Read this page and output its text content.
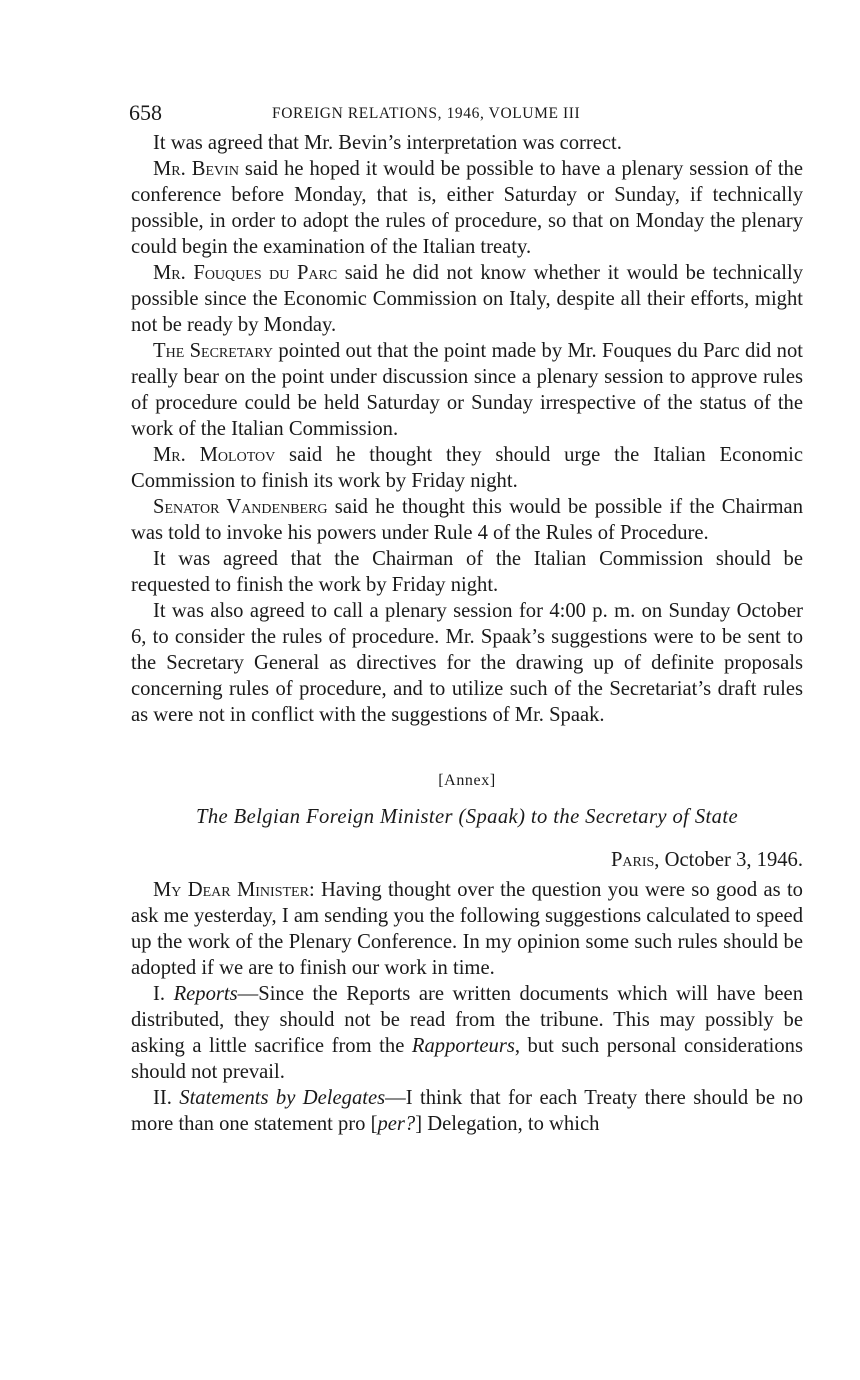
658	FOREIGN RELATIONS, 1946, VOLUME III

It was agreed that Mr. Bevin’s interpretation was correct.

Mr. Bevin said he hoped it would be possible to have a plenary session of the conference before Monday, that is, either Saturday or Sunday, if technically possible, in order to adopt the rules of procedure, so that on Monday the plenary could begin the examination of the Italian treaty.

Mr. Fouques du Parc said he did not know whether it would be technically possible since the Economic Commission on Italy, despite all their efforts, might not be ready by Monday.

The Secretary pointed out that the point made by Mr. Fouques du Parc did not really bear on the point under discussion since a plenary session to approve rules of procedure could be held Saturday or Sunday irrespective of the status of the work of the Italian Commission.

Mr. Molotov said he thought they should urge the Italian Economic Commission to finish its work by Friday night.

Senator Vandenberg said he thought this would be possible if the Chairman was told to invoke his powers under Rule 4 of the Rules of Procedure.

It was agreed that the Chairman of the Italian Commission should be requested to finish the work by Friday night.

It was also agreed to call a plenary session for 4:00 p. m. on Sunday October 6, to consider the rules of procedure. Mr. Spaak’s suggestions were to be sent to the Secretary General as directives for the drawing up of definite proposals concerning rules of procedure, and to utilize such of the Secretariat’s draft rules as were not in conflict with the suggestions of Mr. Spaak.

[Annex]
The Belgian Foreign Minister (Spaak) to the Secretary of State
Paris, October 3, 1946.

My Dear Minister: Having thought over the question you were so good as to ask me yesterday, I am sending you the following suggestions calculated to speed up the work of the Plenary Conference. In my opinion some such rules should be adopted if we are to finish our work in time.

I. Reports—Since the Reports are written documents which will have been distributed, they should not be read from the tribune. This may possibly be asking a little sacrifice from the Rapporteurs, but such personal considerations should not prevail.

II. Statements by Delegates—I think that for each Treaty there should be no more than one statement pro [per?] Delegation, to which
